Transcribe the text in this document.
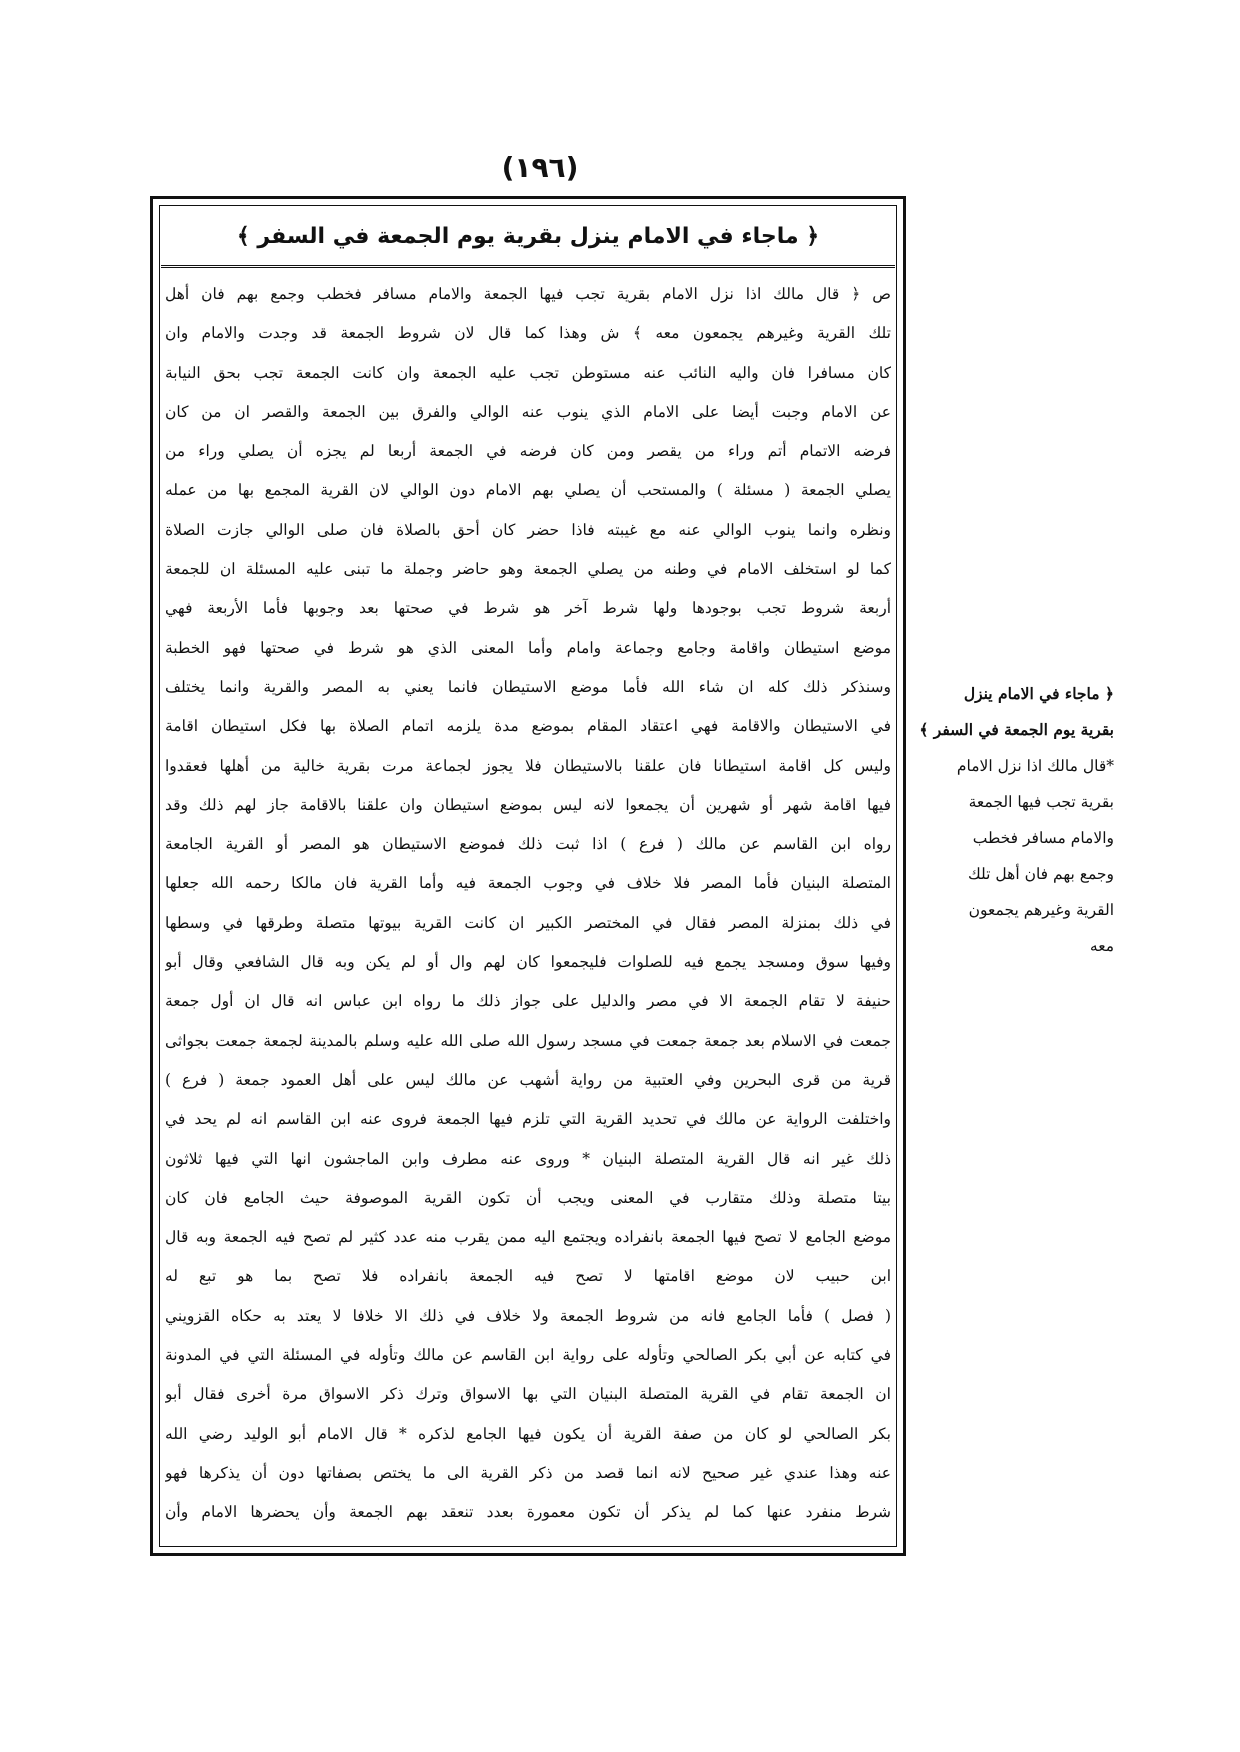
(١٩٦)
﴿ ماجاء في الامام ينزل بقرية يوم الجمعة في السفر ﴾
ص ﴿ قال مالك اذا نزل الامام بقرية تجب فيها الجمعة والامام مسافر فخطب وجمع بهم فان أهل
تلك القرية وغيرهم يجمعون معه ﴾ ش وهذا كما قال لان شروط الجمعة قد وجدت والامام وان
كان مسافرا فان واليه النائب عنه مستوطن تجب عليه الجمعة وان كانت الجمعة تجب بحق النيابة
عن الامام وجبت أيضا على الامام الذي ينوب عنه الوالي والفرق بين الجمعة والقصر ان من كان
فرضه الاتمام أتم وراء من يقصر ومن كان فرضه في الجمعة أربعا لم يجزه أن يصلي وراء من
يصلي الجمعة ( مسئلة ) والمستحب أن يصلي بهم الامام دون الوالي لان القرية المجمع بها من عمله
ونظره وانما ينوب الوالي عنه مع غيبته فاذا حضر كان أحق بالصلاة فان صلى الوالي جازت الصلاة
كما لو استخلف الامام في وطنه من يصلي الجمعة وهو حاضر وجملة ما تبنى عليه المسئلة ان للجمعة
أربعة شروط تجب بوجودها ولها شرط آخر هو شرط في صحتها بعد وجوبها فأما الأربعة فهي
موضع استيطان واقامة وجامع وجماعة وامام وأما المعنى الذي هو شرط في صحتها فهو الخطبة
وسنذكر ذلك كله ان شاء الله فأما موضع الاستيطان فانما يعني به المصر والقرية وانما يختلف
في الاستيطان والاقامة فهي اعتقاد المقام بموضع مدة يلزمه اتمام الصلاة بها فكل استيطان اقامة
وليس كل اقامة استيطانا فان علقنا بالاستيطان فلا يجوز لجماعة مرت بقرية خالية من أهلها فعقدوا
فيها اقامة شهر أو شهرين أن يجمعوا لانه ليس بموضع استيطان وان علقنا بالاقامة جاز لهم ذلك وقد
رواه ابن القاسم عن مالك ( فرع ) اذا ثبت ذلك فموضع الاستيطان هو المصر أو القرية الجامعة
المتصلة البنيان فأما المصر فلا خلاف في وجوب الجمعة فيه وأما القرية فان مالكا رحمه الله جعلها
في ذلك بمنزلة المصر فقال في المختصر الكبير ان كانت القرية بيوتها متصلة وطرقها في وسطها
وفيها سوق ومسجد يجمع فيه للصلوات فليجمعوا كان لهم وال أو لم يكن وبه قال الشافعي وقال أبو
حنيفة لا تقام الجمعة الا في مصر والدليل على جواز ذلك ما رواه ابن عباس انه قال ان أول جمعة
جمعت في الاسلام بعد جمعة جمعت في مسجد رسول الله صلى الله عليه وسلم بالمدينة لجمعة جمعت بجواثى
قرية من قرى البحرين وفي العتبية من رواية أشهب عن مالك ليس على أهل العمود جمعة ( فرع )
واختلفت الرواية عن مالك في تحديد القرية التي تلزم فيها الجمعة فروى عنه ابن القاسم انه لم يحد في
ذلك غير انه قال القرية المتصلة البنيان * وروى عنه مطرف وابن الماجشون انها التي فيها ثلاثون
بيتا متصلة وذلك متقارب في المعنى ويجب أن تكون القرية الموصوفة حيث الجامع فان كان
موضع الجامع لا تصح فيها الجمعة بانفراده ويجتمع اليه ممن يقرب منه عدد كثير لم تصح فيه الجمعة وبه قال
ابن حبيب لان موضع اقامتها لا تصح فيه الجمعة بانفراده فلا تصح بما هو تبع له
( فصل ) فأما الجامع فانه من شروط الجمعة ولا خلاف في ذلك الا خلافا لا يعتد به حكاه القزويني
في كتابه عن أبي بكر الصالحي وتأوله على رواية ابن القاسم عن مالك وتأوله في المسئلة التي في المدونة
ان الجمعة تقام في القرية المتصلة البنيان التي بها الاسواق وترك ذكر الاسواق مرة أخرى فقال أبو
بكر الصالحي لو كان من صفة القرية أن يكون فيها الجامع لذكره * قال الامام أبو الوليد رضي الله
عنه وهذا عندي غير صحيح لانه انما قصد من ذكر القرية الى ما يختص بصفاتها دون أن يذكرها فهو
شرط منفرد عنها كما لم يذكر أن تكون معمورة بعدد تنعقد بهم الجمعة وأن يحضرها الامام وأن
﴿ ماجاء في الامام ينزل
بقرية يوم الجمعة في السفر ﴾
*قال مالك اذا نزل الامام
بقرية تجب فيها الجمعة
والامام مسافر فخطب
وجمع بهم فان أهل تلك
القرية وغيرهم يجمعون
معه
